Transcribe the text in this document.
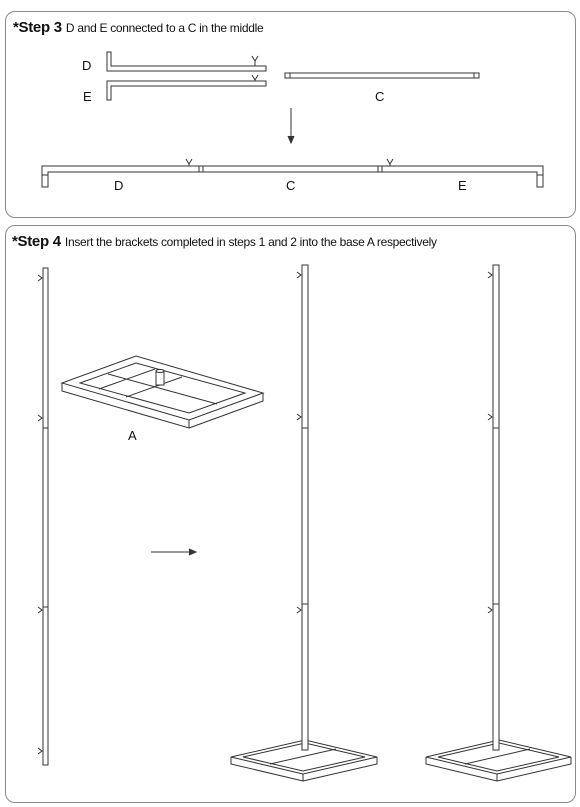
*Step 3 D and E connected to a C in the middle
D
E	C
D	C	E
*Step 4 Insert the brackets completed in steps 1 and 2 into the base A respectively
A
